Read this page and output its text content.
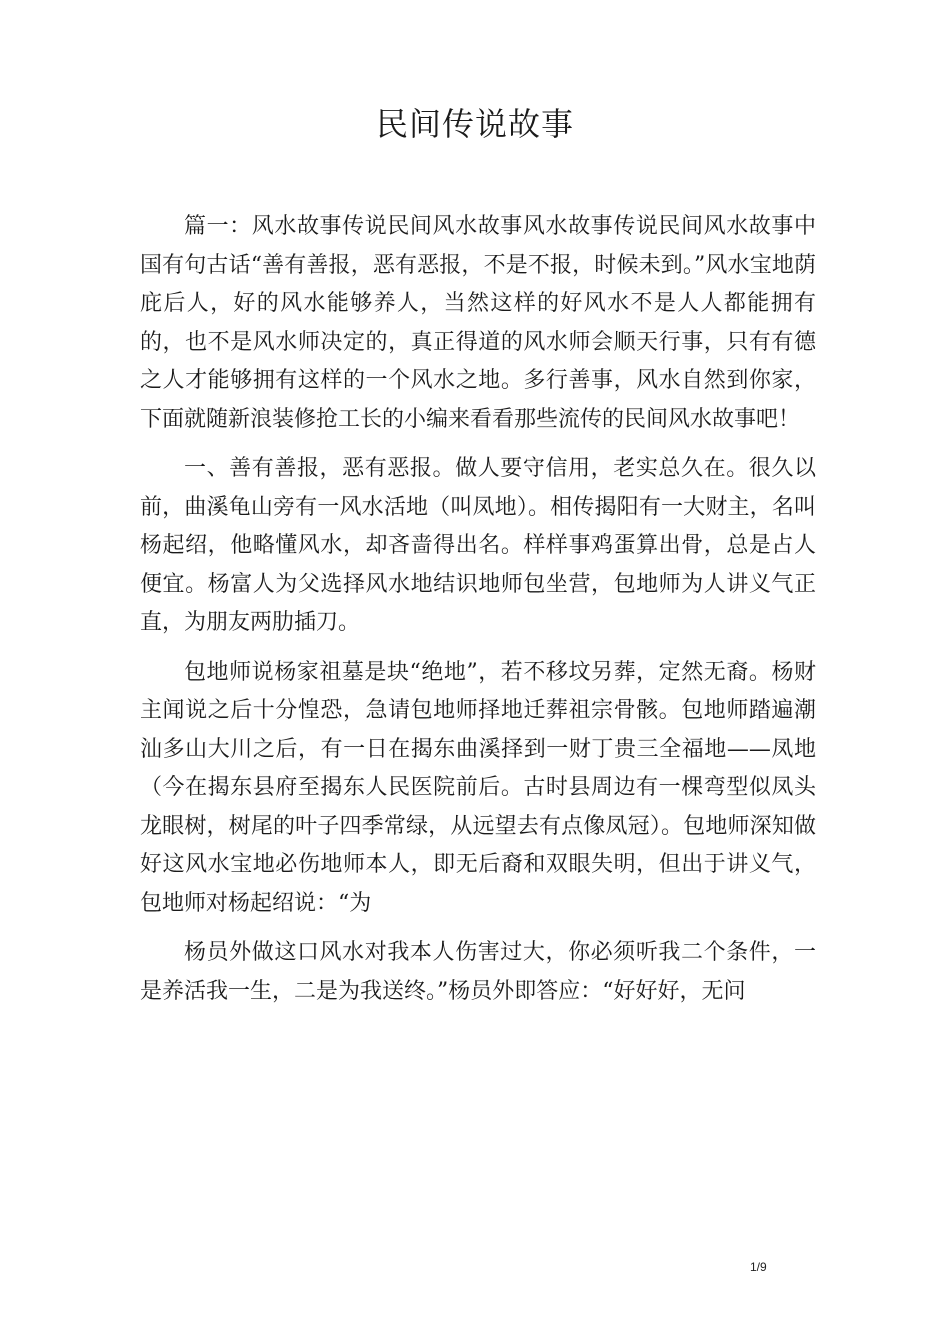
民间传说故事

篇一：风水故事传说民间风水故事风水故事传说民间风水故事中国有句古话“善有善报，恶有恶报，不是不报，时候未到。”风水宝地荫庇后人，好的风水能够养人，当然这样的好风水不是人人都能拥有的，也不是风水师决定的，真正得道的风水师会顺天行事，只有有德之人才能够拥有这样的一个风水之地。多行善事，风水自然到你家，下面就随新浪装修抢工长的小编来看看那些流传的民间风水故事吧！

一、善有善报，恶有恶报。做人要守信用，老实总久在。很久以前，曲溪龟山旁有一风水活地（叫凤地）。相传揭阳有一大财主，名叫杨起绍，他略懂风水，却吝啬得出名。样样事鸡蛋算出骨，总是占人便宜。杨富人为父选择风水地结识地师包坐营，包地师为人讲义气正直，为朋友两肋插刀。

包地师说杨家祖墓是块“绝地”，若不移坟另葬，定然无裔。杨财主闻说之后十分惶恐，急请包地师择地迁葬祖宗骨骸。包地师踏遍潮汕多山大川之后，有一日在揭东曲溪择到一财丁贵三全福地——凤地（今在揭东县府至揭东人民医院前后。古时县周边有一棵弯型似凤头龙眼树，树尾的叶子四季常绿，从远望去有点像凤冠）。包地师深知做好这风水宝地必伤地师本人，即无后裔和双眼失明，但出于讲义气，包地师对杨起绍说：“为

杨员外做这口风水对我本人伤害过大，你必须听我二个条件，一是养活我一生，二是为我送终。”杨员外即答应：“好好好，无问

1/9
